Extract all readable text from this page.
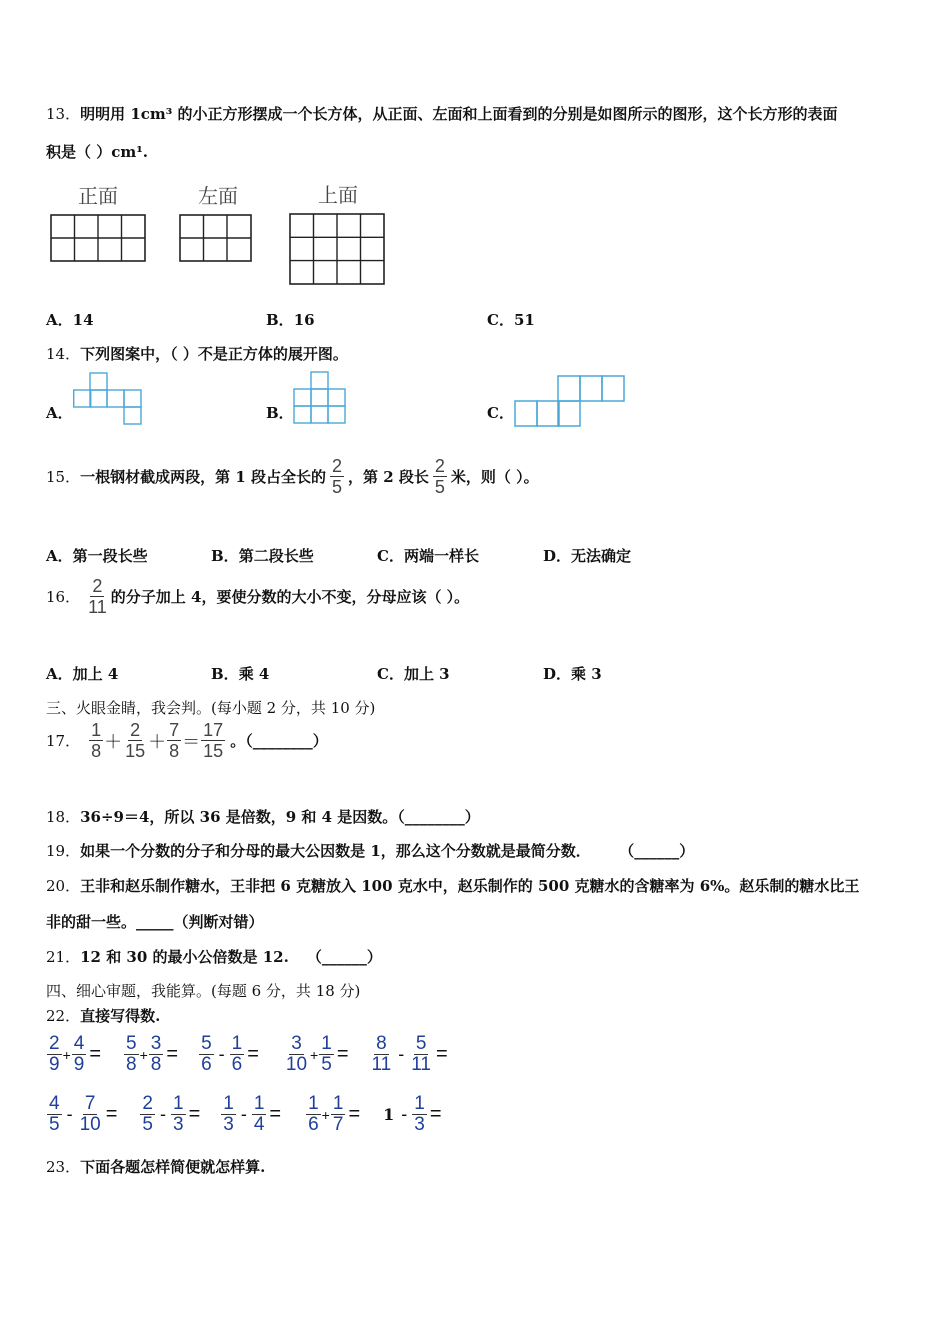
13．明明用 1cm³ 的小正方形摆成一个长方体，从正面、左面和上面看到的分别是如图所示的图形，这个长方形的表面
积是（ ）cm¹.
正面	左面	上面
A．14	B．16	C．51
14．下列图案中，（ ）不是正方体的展开图。
A．	B．	C．
15． 一根钢材截成两段，第 1 段占全长的 $\frac{2}{5}$ ，第 2 段长 $\frac{2}{5}$ 米，则（ ）。
A．第一段长些	B．第二段长些	C．两端一样长	D．无法确定
16． $\frac{2}{11}$ 的分子加上 4，要使分数的大小不变，分母应该（ ）。
A．加上 4	B．乘 4	C．加上 3	D．乘 3
三、火眼金睛，我会判。(每小题 2 分，共 10 分)
17． $\frac{1}{8} + \frac{2}{15} + \frac{7}{8} = \frac{17}{15}$ 。（________）
18．36÷9＝4，所以 36 是倍数，9 和 4 是因数。（________）
19．如果一个分数的分子和分母的最大公因数是 1，那么这个分数就是最简分数． （______）
20．王非和赵乐制作糖水，王非把 6 克糖放入 100 克水中，赵乐制作的 500 克糖水的含糖率为 6%。赵乐制的糖水比王
非的甜一些。_____（判断对错）
21．12 和 30 的最小公倍数是 12. （______）
四、细心审题，我能算。(每题 6 分，共 18 分)
22．直接写得数.
$\frac{2}{9} + \frac{4}{9} = \frac{5}{8} + \frac{3}{8} = \frac{5}{6} - \frac{1}{6} = \frac{3}{10} + \frac{1}{5} = \frac{8}{11} - \frac{5}{11}$ =
$\frac{4}{5} - \frac{7}{10} = \frac{2}{5} - \frac{1}{3} = \frac{1}{3} - \frac{1}{4} = \frac{1}{6} + \frac{1}{7} = 1 - \frac{1}{3}$ =
23．下面各题怎样简便就怎样算.
